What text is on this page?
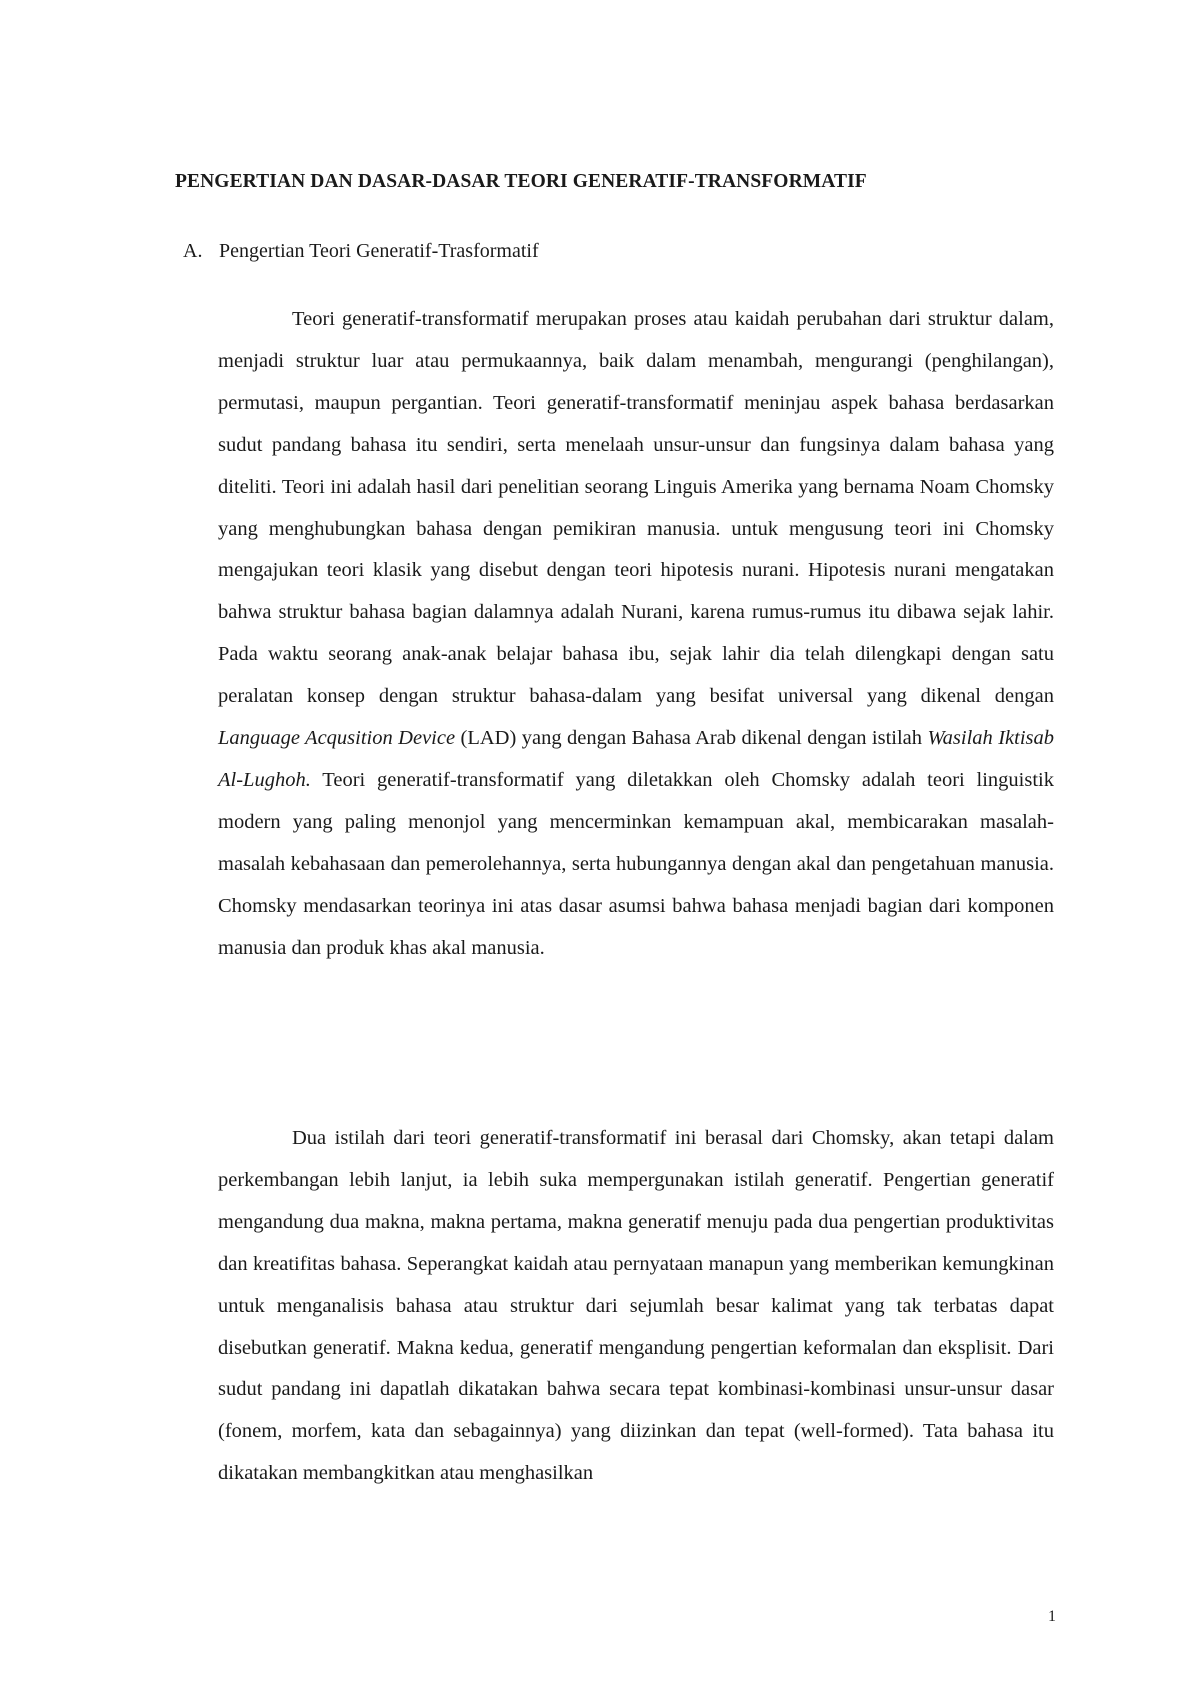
PENGERTIAN DAN DASAR-DASAR TEORI GENERATIF-TRANSFORMATIF
A. Pengertian Teori Generatif-Trasformatif

Teori generatif-transformatif merupakan proses atau kaidah perubahan dari struktur dalam, menjadi struktur luar atau permukaannya, baik dalam menambah, mengurangi (penghilangan), permutasi, maupun pergantian. Teori generatif-transformatif meninjau aspek bahasa berdasarkan sudut pandang bahasa itu sendiri, serta menelaah unsur-unsur dan fungsinya dalam bahasa yang diteliti. Teori ini adalah hasil dari penelitian seorang Linguis Amerika yang bernama Noam Chomsky yang menghubungkan bahasa dengan pemikiran manusia. untuk mengusung teori ini Chomsky mengajukan teori klasik yang disebut dengan teori hipotesis nurani. Hipotesis nurani mengatakan bahwa struktur bahasa bagian dalamnya adalah Nurani, karena rumus-rumus itu dibawa sejak lahir. Pada waktu seorang anak-anak belajar bahasa ibu, sejak lahir dia telah dilengkapi dengan satu peralatan konsep dengan struktur bahasa-dalam yang besifat universal yang dikenal dengan Language Acqusition Device (LAD) yang dengan Bahasa Arab dikenal dengan istilah Wasilah Iktisab Al-Lughoh. Teori generatif-transformatif yang diletakkan oleh Chomsky adalah teori linguistik modern yang paling menonjol yang mencerminkan kemampuan akal, membicarakan masalah-masalah kebahasaan dan pemerolehannya, serta hubungannya dengan akal dan pengetahuan manusia. Chomsky mendasarkan teorinya ini atas dasar asumsi bahwa bahasa menjadi bagian dari komponen manusia dan produk khas akal manusia.

Dua istilah dari teori generatif-transformatif ini berasal dari Chomsky, akan tetapi dalam perkembangan lebih lanjut, ia lebih suka mempergunakan istilah generatif. Pengertian generatif mengandung dua makna, makna pertama, makna generatif menuju pada dua pengertian produktivitas dan kreatifitas bahasa. Seperangkat kaidah atau pernyataan manapun yang memberikan kemungkinan untuk menganalisis bahasa atau struktur dari sejumlah besar kalimat yang tak terbatas dapat disebutkan generatif. Makna kedua, generatif mengandung pengertian keformalan dan eksplisit. Dari sudut pandang ini dapatlah dikatakan bahwa secara tepat kombinasi-kombinasi unsur-unsur dasar (fonem, morfem, kata dan sebagainnya) yang diizinkan dan tepat (well-formed). Tata bahasa itu dikatakan membangkitkan atau menghasilkan

1
